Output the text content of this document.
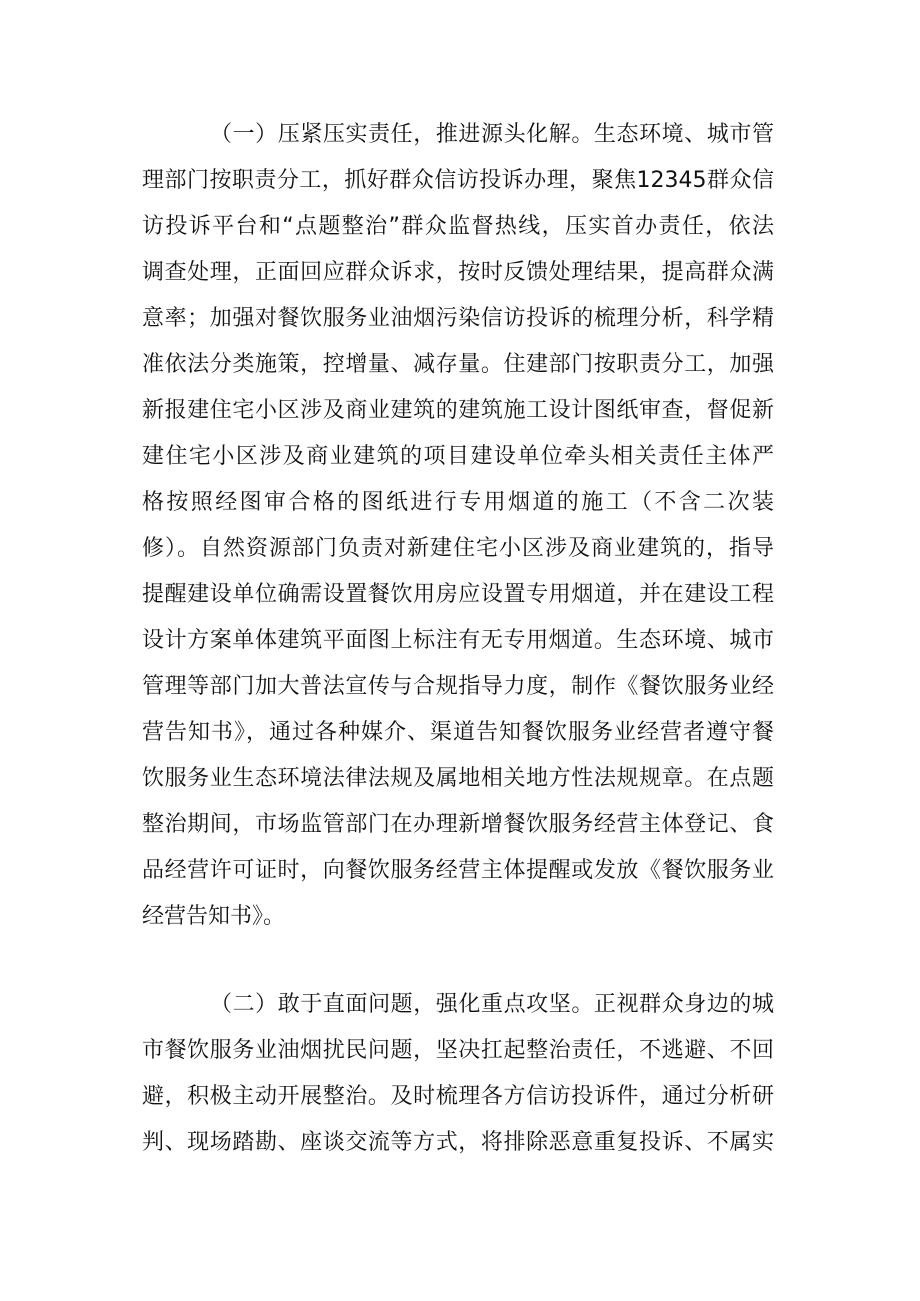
（一）压紧压实责任，推进源头化解。生态环境、城市管
理部门按职责分工，抓好群众信访投诉办理，聚焦12345群众信
访投诉平台和“点题整治”群众监督热线，压实首办责任，依法
调查处理，正面回应群众诉求，按时反馈处理结果，提高群众满
意率；加强对餐饮服务业油烟污染信访投诉的梳理分析，科学精
准依法分类施策，控增量、减存量。住建部门按职责分工，加强
新报建住宅小区涉及商业建筑的建筑施工设计图纸审查，督促新
建住宅小区涉及商业建筑的项目建设单位牵头相关责任主体严
格按照经图审合格的图纸进行专用烟道的施工（不含二次装
修）。自然资源部门负责对新建住宅小区涉及商业建筑的，指导
提醒建设单位确需设置餐饮用房应设置专用烟道，并在建设工程
设计方案单体建筑平面图上标注有无专用烟道。生态环境、城市
管理等部门加大普法宣传与合规指导力度，制作《餐饮服务业经
营告知书》，通过各种媒介、渠道告知餐饮服务业经营者遵守餐
饮服务业生态环境法律法规及属地相关地方性法规规章。在点题
整治期间，市场监管部门在办理新增餐饮服务经营主体登记、食
品经营许可证时，向餐饮服务经营主体提醒或发放《餐饮服务业
经营告知书》。
（二）敢于直面问题，强化重点攻坚。正视群众身边的城
市餐饮服务业油烟扰民问题，坚决扛起整治责任，不逃避、不回
避，积极主动开展整治。及时梳理各方信访投诉件，通过分析研
判、现场踏勘、座谈交流等方式，将排除恶意重复投诉、不属实
